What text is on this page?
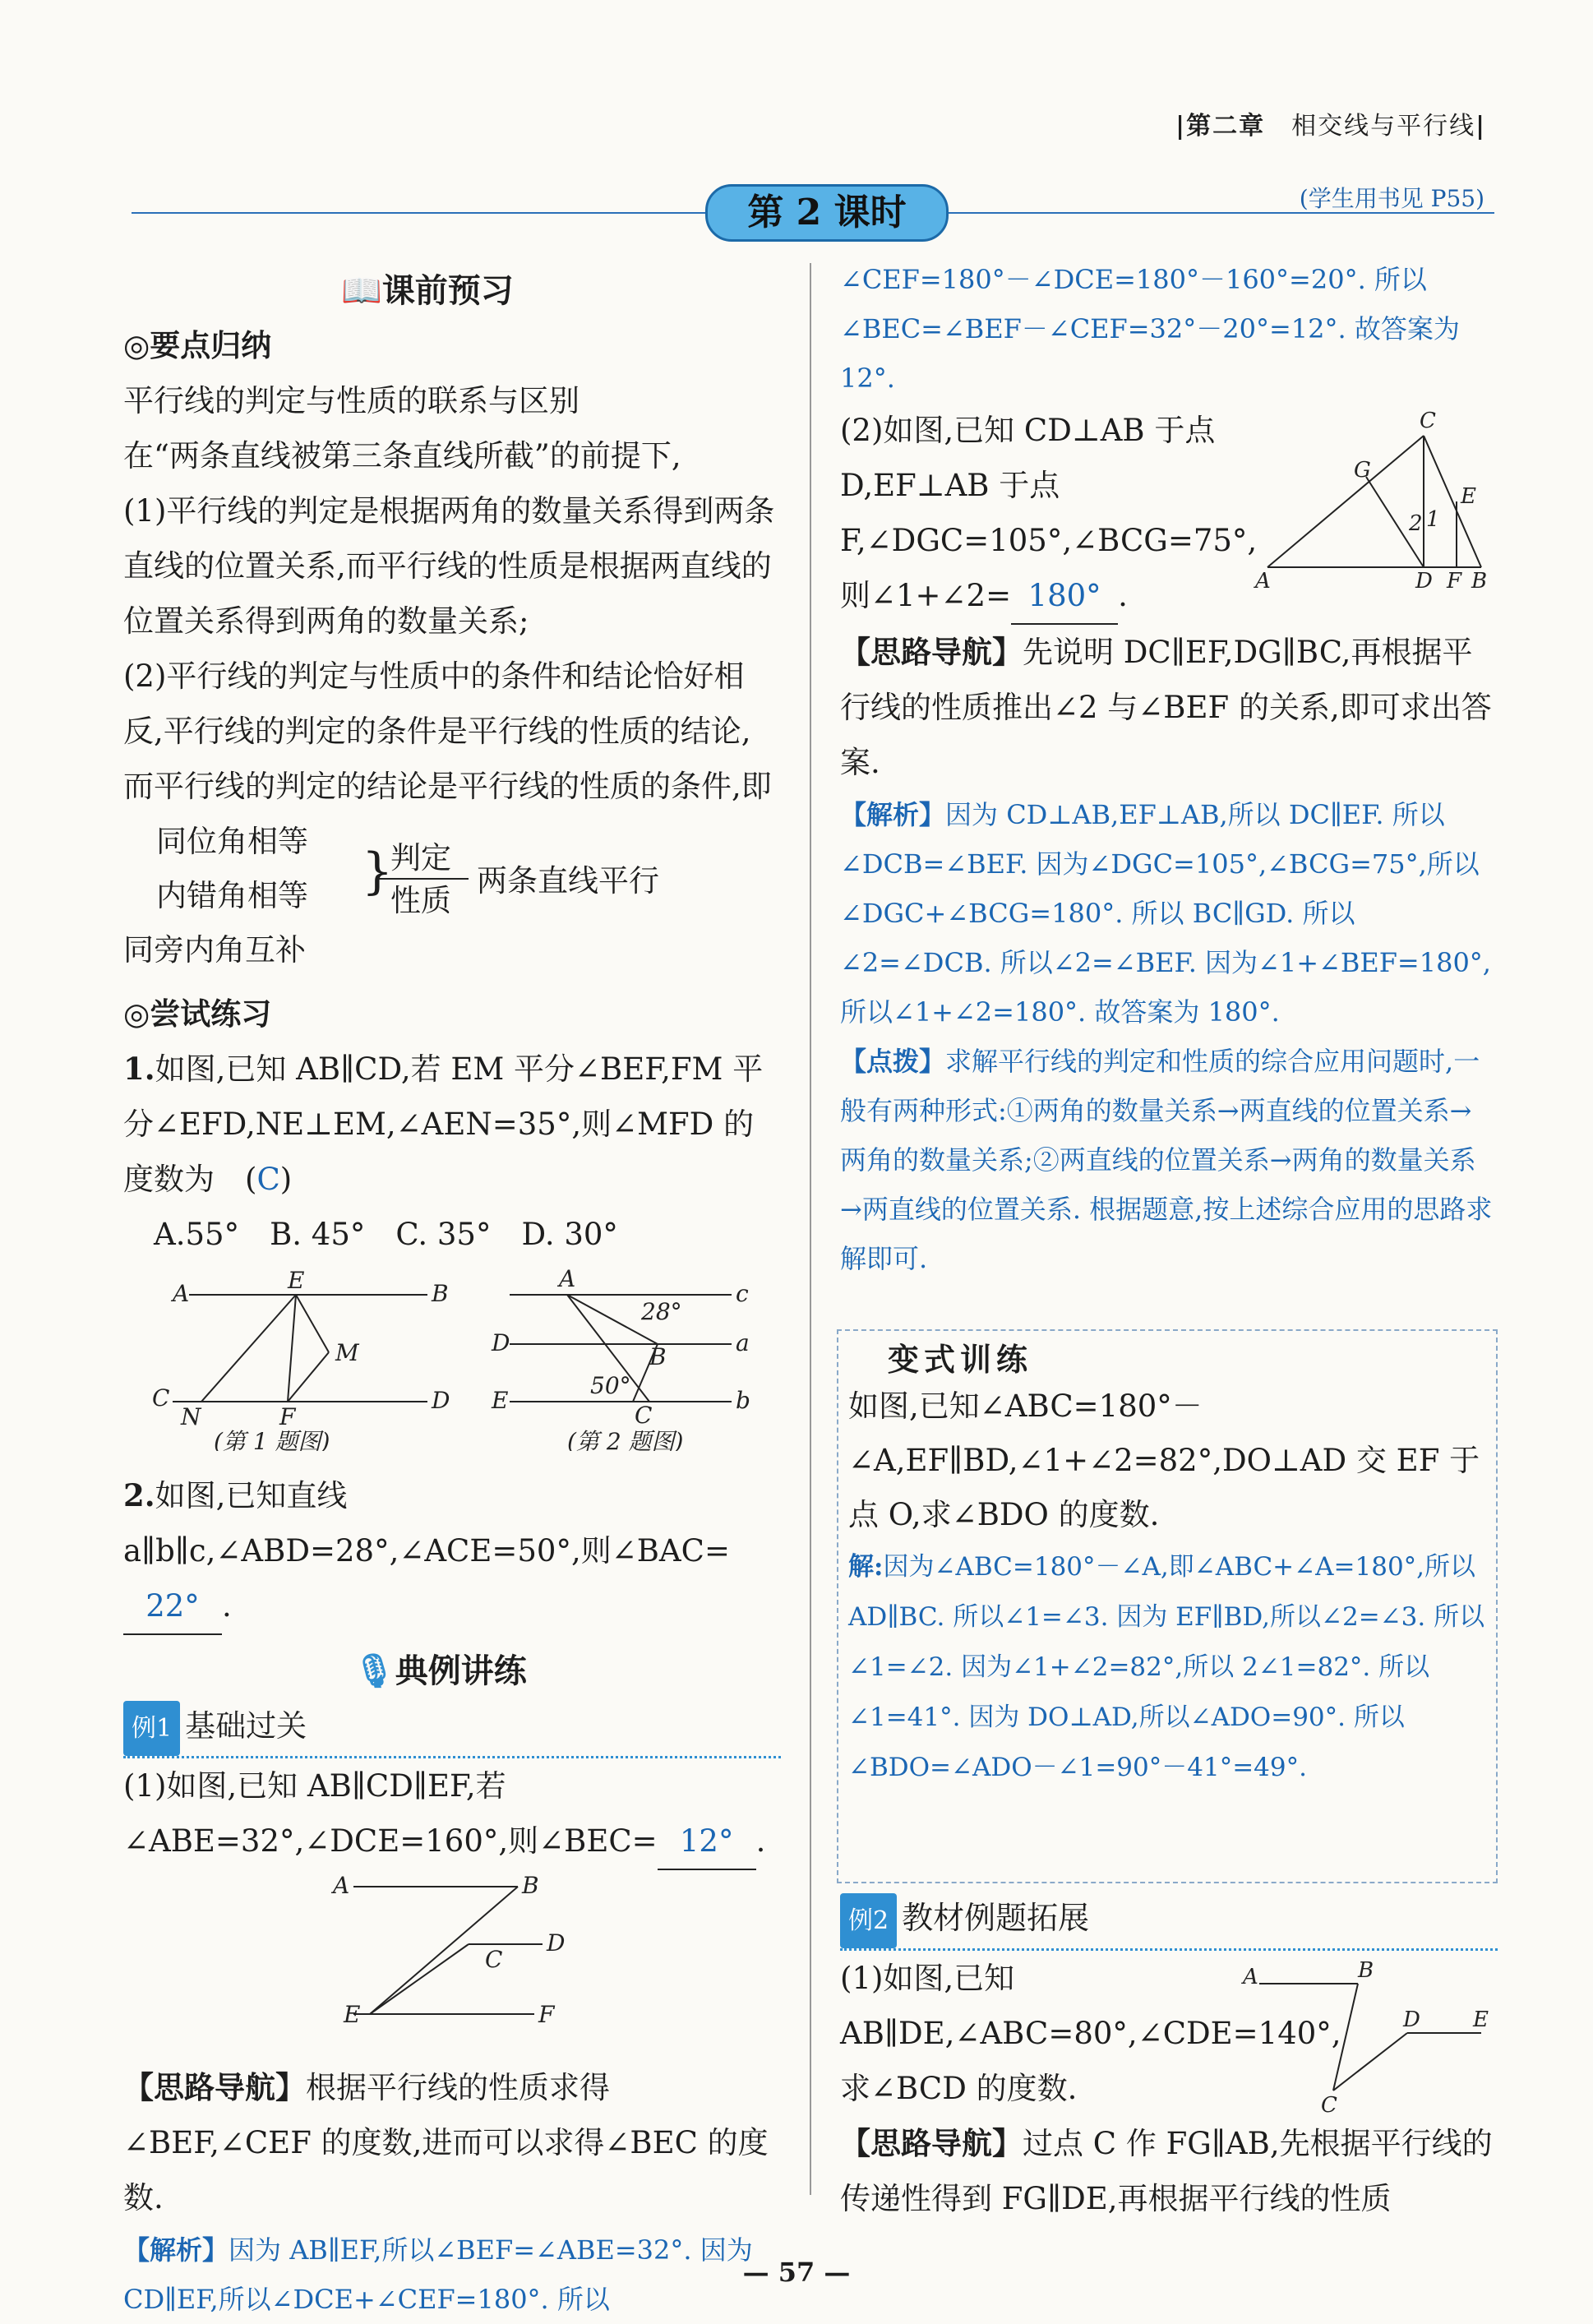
|第二章　 相交线与平行线|
第 2 课时	(学生用书见 P55)
📖课前预习

◎要点归纳

平行线的判定与性质的联系与区别

在“两条直线被第三条直线所截”的前提下,

(1)平行线的判定是根据两角的数量关系得到两条直线的位置关系,而平行线的性质是根据两直线的位置关系得到两角的数量关系;

(2)平行线的判定与性质中的条件和结论恰好相反,平行线的判定的条件是平行线的性质的结论,而平行线的判定的结论是平行线的性质的条件,即

同位角相等
内错角相等
同旁内角互补
}
判定
性质
两条直线平行

◎尝试练习

1.如图,已知 AB∥CD,若 EM 平分∠BEF,FM 平分∠EFD,NE⊥EM,∠AEN=35°,则∠MFD 的度数为　(C)

　A.55°　 B. 45°　 C. 35°　 D. 30°

A	B
C	D
E
F
M
N
A
c
D	a
E	b
B
C
28°
50°
(第 1 题图)	(第 2 题图)

2.如图,已知直线 a∥b∥c,∠ABD=28°,∠ACE=50°,则∠BAC=22° .

🎙典例讲练

例1 基础过关

(1)如图,已知 AB∥CD∥EF,若∠ABE=32°,∠DCE=160°,则∠BEC= 12° .

A	B
C
D
E	F

【思路导航】根据平行线的性质求得∠BEF,∠CEF 的度数,进而可以求得∠BEC 的度数.

【解析】因为 AB∥EF,所以∠BEF=∠ABE=32°. 因为 CD∥EF,所以∠DCE+∠CEF=180°. 所以

∠CEF=180°－∠DCE=180°－160°=20°. 所以∠BEC=∠BEF－∠CEF=32°－20°=12°. 故答案为 12°.

(2)如图,已知 CD⊥AB 于点 D,EF⊥AB 于点 F,∠DGC=105°,∠BCG=75°,则∠1+∠2= 180° .	A
C
D F B
E
G
1
2

【思路导航】先说明 DC∥EF,DG∥BC,再根据平行线的性质推出∠2 与∠BEF 的关系,即可求出答案.

【解析】因为 CD⊥AB,EF⊥AB,所以 DC∥EF. 所以∠DCB=∠BEF. 因为∠DGC=105°,∠BCG=75°,所以∠DGC+∠BCG=180°. 所以 BC∥GD. 所以∠2=∠DCB. 所以∠2=∠BEF. 因为∠1+∠BEF=180°,所以∠1+∠2=180°. 故答案为 180°.

【点拨】求解平行线的判定和性质的综合应用问题时,一般有两种形式:①两角的数量关系→两直线的位置关系→两角的数量关系;②两直线的位置关系→两角的数量关系→两直线的位置关系. 根据题意,按上述综合应用的思路求解即可.

变式训练

如图,已知∠ABC=180°－∠A,EF∥BD,∠1+∠2=82°,DO⊥AD 交 EF 于点 O,求∠BDO 的度数.

解:因为∠ABC=180°－∠A,即∠ABC+∠A=180°,所以 AD∥BC. 所以∠1=∠3. 因为 EF∥BD,所以∠2=∠3. 所以∠1=∠2. 因为∠1+∠2=82°,所以 2∠1=82°. 所以∠1=41°. 因为 DO⊥AD,所以∠ADO=90°. 所以∠BDO=∠ADO－∠1=90°－41°=49°.

例2 教材例题拓展

(1)如图,已知 AB∥DE,∠ABC=80°,∠CDE=140°,求∠BCD 的度数.

A	B
C
D E

【思路导航】过点 C 作 FG∥AB,先根据平行线的传递性得到 FG∥DE,再根据平行线的性质

— 57 —
